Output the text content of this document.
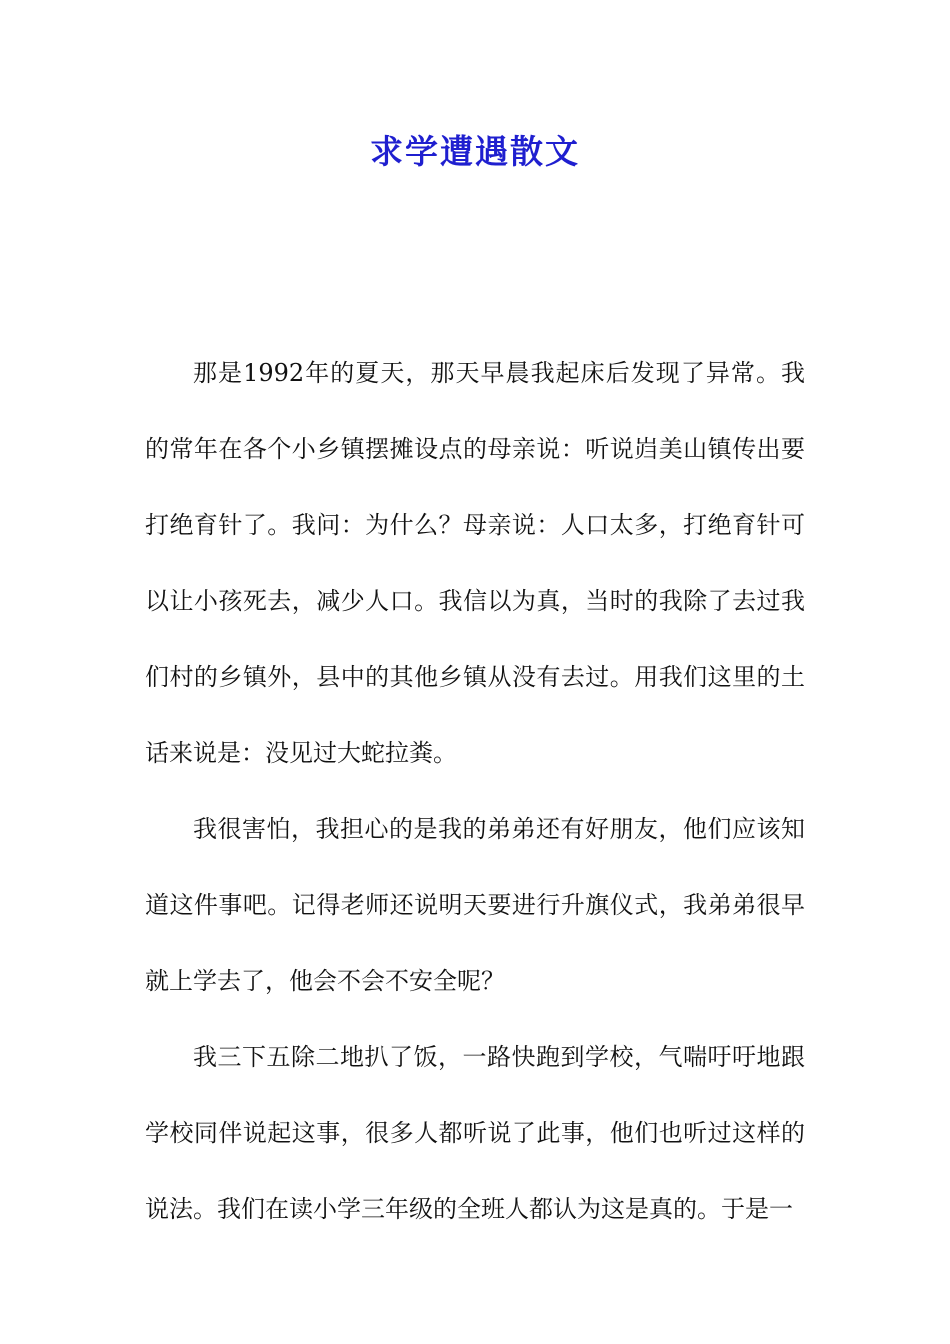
求学遭遇散文

那是1992年的夏天，那天早晨我起床后发现了异常。我的常年在各个小乡镇摆摊设点的母亲说：听说岿美山镇传出要打绝育针了。我问：为什么？母亲说：人口太多，打绝育针可以让小孩死去，减少人口。我信以为真，当时的我除了去过我们村的乡镇外，县中的其他乡镇从没有去过。用我们这里的土话来说是：没见过大蛇拉粪。

我很害怕，我担心的是我的弟弟还有好朋友，他们应该知道这件事吧。记得老师还说明天要进行升旗仪式，我弟弟很早就上学去了，他会不会不安全呢？

我三下五除二地扒了饭，一路快跑到学校，气喘吁吁地跟学校同伴说起这事，很多人都听说了此事，他们也听过这样的说法。我们在读小学三年级的全班人都认为这是真的。于是一
